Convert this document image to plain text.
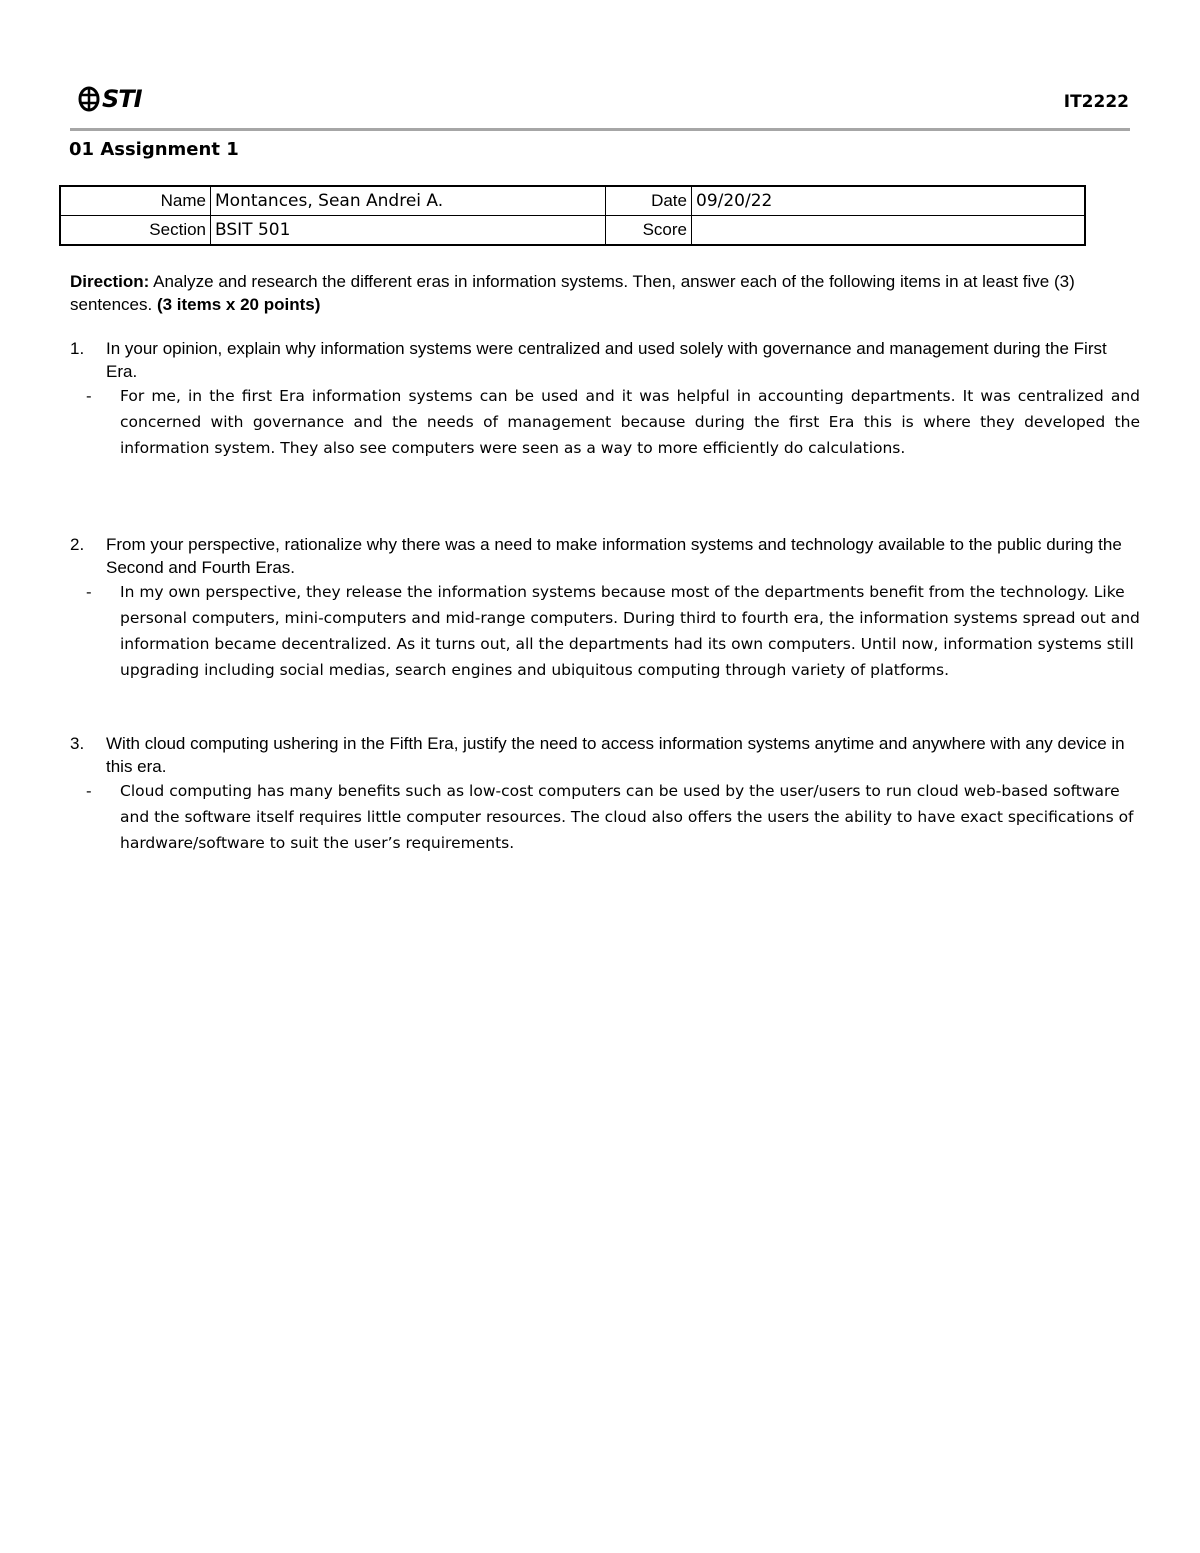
STI	IT2222
01 Assignment 1
Name	Montances, Sean Andrei A.	Date	09/20/22
Section	BSIT 501	Score	
Direction: Analyze and research the different eras in information systems. Then, answer each of the following items in at least five (3) sentences. (3 items x 20 points)
1. In your opinion, explain why information systems were centralized and used solely with governance and management during the First Era.
- For me, in the first Era information systems can be used and it was helpful in accounting departments. It was centralized and concerned with governance and the needs of management because during the first Era this is where they developed the information system. They also see computers were seen as a way to more efficiently do calculations.
2. From your perspective, rationalize why there was a need to make information systems and technology available to the public during the Second and Fourth Eras.
- In my own perspective, they release the information systems because most of the departments benefit from the technology. Like personal computers, mini-computers and mid-range computers. During third to fourth era, the information systems spread out and information became decentralized. As it turns out, all the departments had its own computers. Until now, information systems still upgrading including social medias, search engines and ubiquitous computing through variety of platforms.
3. With cloud computing ushering in the Fifth Era, justify the need to access information systems anytime and anywhere with any device in this era.
- Cloud computing has many benefits such as low-cost computers can be used by the user/users to run cloud web-based software and the software itself requires little computer resources. The cloud also offers the users the ability to have exact specifications of hardware/software to suit the user’s requirements.
